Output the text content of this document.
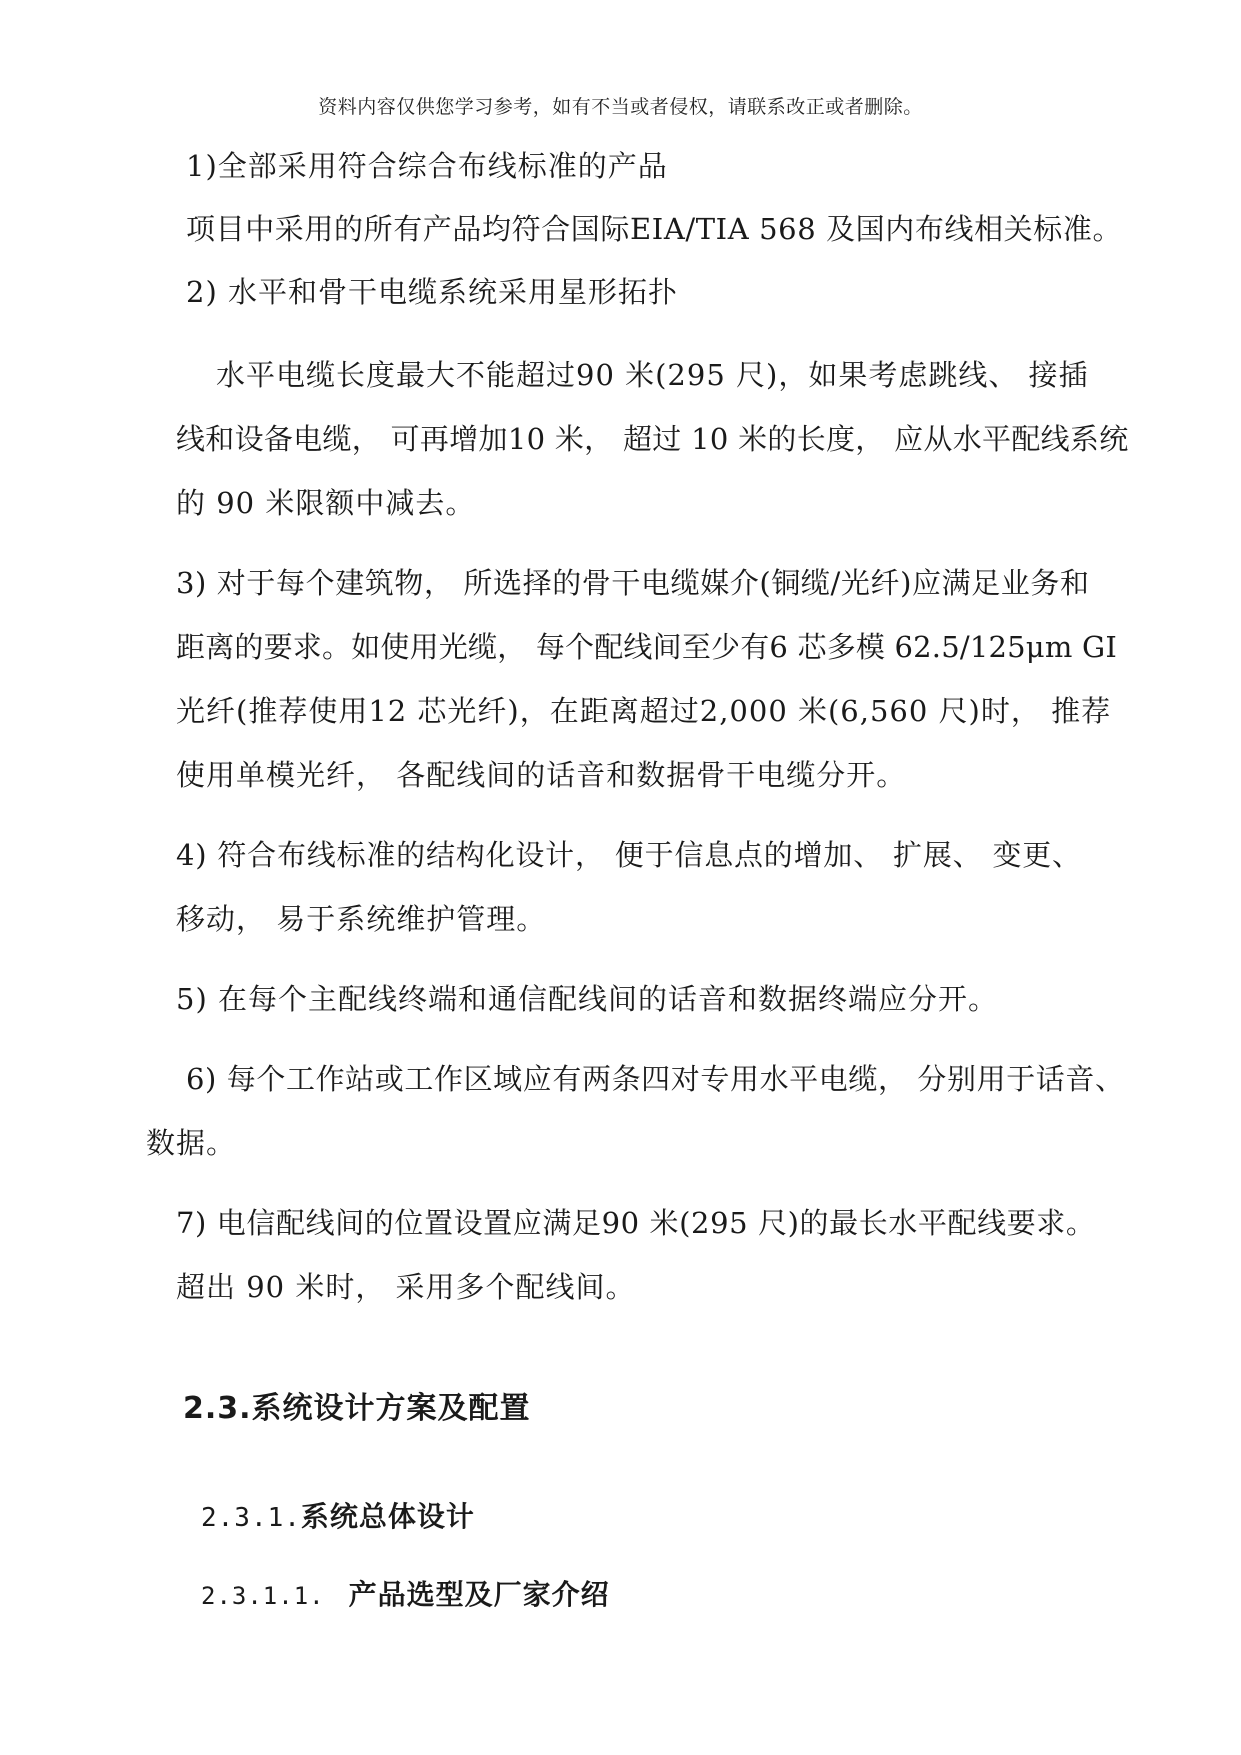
资料内容仅供您学习参考，如有不当或者侵权，请联系改正或者删除。
1)全部采用符合综合布线标准的产品
项目中采用的所有产品均符合国际EIA/TIA 568 及国内布线相关标准。
2) 水平和骨干电缆系统采用星形拓扑
水平电缆长度最大不能超过90 米(295 尺)，如果考虑跳线、 接插
线和设备电缆， 可再增加10 米， 超过 10 米的长度， 应从水平配线系统
的 90 米限额中减去。
3) 对于每个建筑物， 所选择的骨干电缆媒介(铜缆/光纤)应满足业务和
距离的要求。如使用光缆， 每个配线间至少有6 芯多模 62.5/125μm GI
光纤(推荐使用12 芯光纤)，在距离超过2,000 米(6,560 尺)时， 推荐
使用单模光纤， 各配线间的话音和数据骨干电缆分开。
4) 符合布线标准的结构化设计， 便于信息点的增加、 扩展、 变更、
移动， 易于系统维护管理。
5) 在每个主配线终端和通信配线间的话音和数据终端应分开。
6) 每个工作站或工作区域应有两条四对专用水平电缆， 分别用于话音、
数据。
7) 电信配线间的位置设置应满足90 米(295 尺)的最长水平配线要求。
超出 90 米时， 采用多个配线间。
2.3.系统设计方案及配置
2.3.1.系统总体设计
2.3.1.1. 产品选型及厂家介绍
